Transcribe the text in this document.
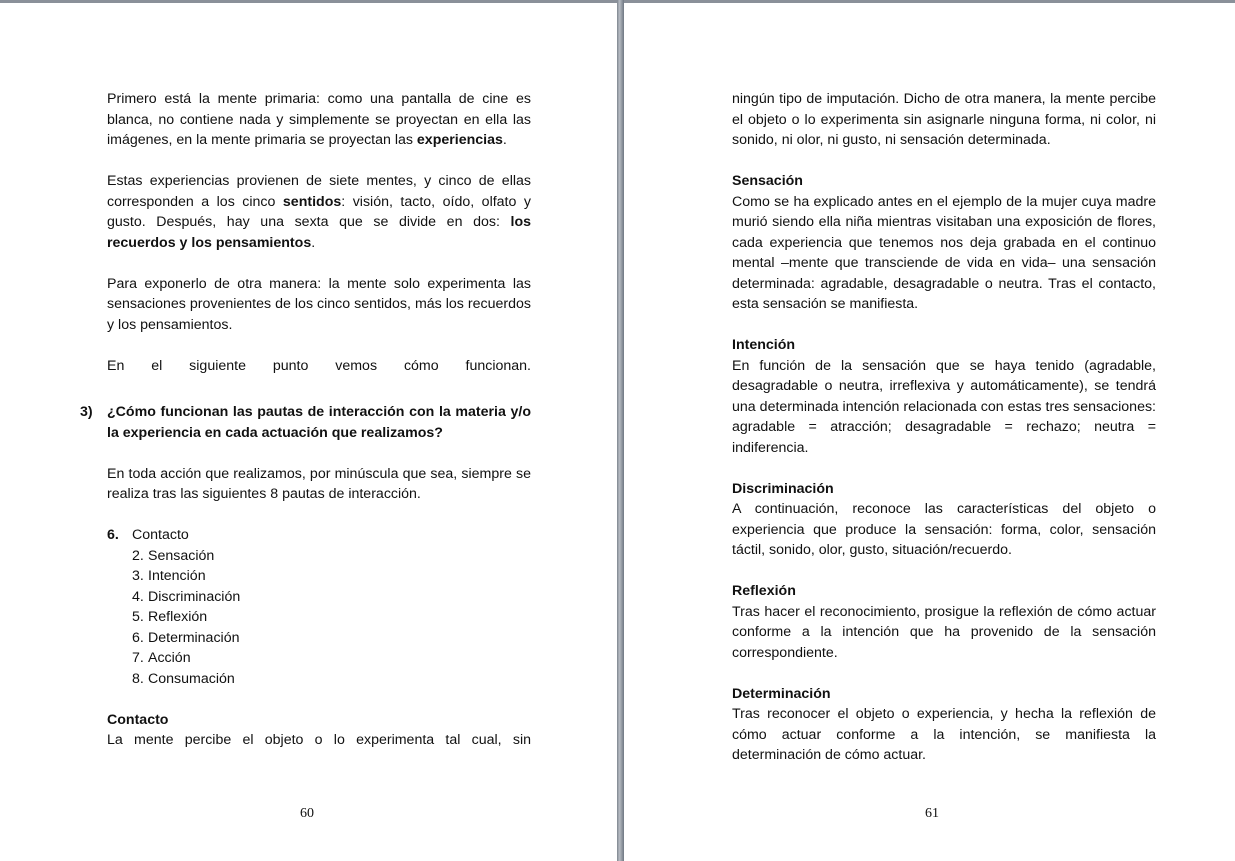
Primero está la mente primaria: como una pantalla de cine es blanca, no contiene nada y simplemente se proyectan en ella las imágenes, en la mente primaria se proyectan las experiencias.

Estas experiencias provienen de siete mentes, y cinco de ellas corresponden a los cinco sentidos: visión, tacto, oído, olfato y gusto. Después, hay una sexta que se divide en dos: los recuerdos y los pensamientos.

Para exponerlo de otra manera: la mente solo experimenta las sensaciones provenientes de los cinco sentidos, más los recuerdos y los pensamientos.

En el siguiente punto vemos cómo funcionan.

3) ¿Cómo funcionan las pautas de interacción con la materia y/o la experiencia en cada actuación que realizamos?

En toda acción que realizamos, por minúscula que sea, siempre se realiza tras las siguientes 8 pautas de interacción.

6. Contacto
2. Sensación
3. Intención
4. Discriminación
5. Reflexión
6. Determinación
7. Acción
8. Consumación
Contacto

La mente percibe el objeto o lo experimenta tal cual, sin

60

ningún tipo de imputación. Dicho de otra manera, la mente percibe el objeto o lo experimenta sin asignarle ninguna forma, ni color, ni sonido, ni olor, ni gusto, ni sensación determinada.

Sensación

Como se ha explicado antes en el ejemplo de la mujer cuya madre murió siendo ella niña mientras visitaban una exposición de flores, cada experiencia que tenemos nos deja grabada en el continuo mental –mente que transciende de vida en vida– una sensación determinada: agradable, desagradable o neutra. Tras el contacto, esta sensación se manifiesta.

Intención

En función de la sensación que se haya tenido (agradable, desagradable o neutra, irreflexiva y automáticamente), se tendrá una determinada intención relacionada con estas tres sensaciones: agradable = atracción; desagradable = rechazo; neutra = indiferencia.

Discriminación

A continuación, reconoce las características del objeto o experiencia que produce la sensación: forma, color, sensación táctil, sonido, olor, gusto, situación/recuerdo.

Reflexión

Tras hacer el reconocimiento, prosigue la reflexión de cómo actuar conforme a la intención que ha provenido de la sensación correspondiente.

Determinación

Tras reconocer el objeto o experiencia, y hecha la reflexión de cómo actuar conforme a la intención, se manifiesta la determinación de cómo actuar.

61
